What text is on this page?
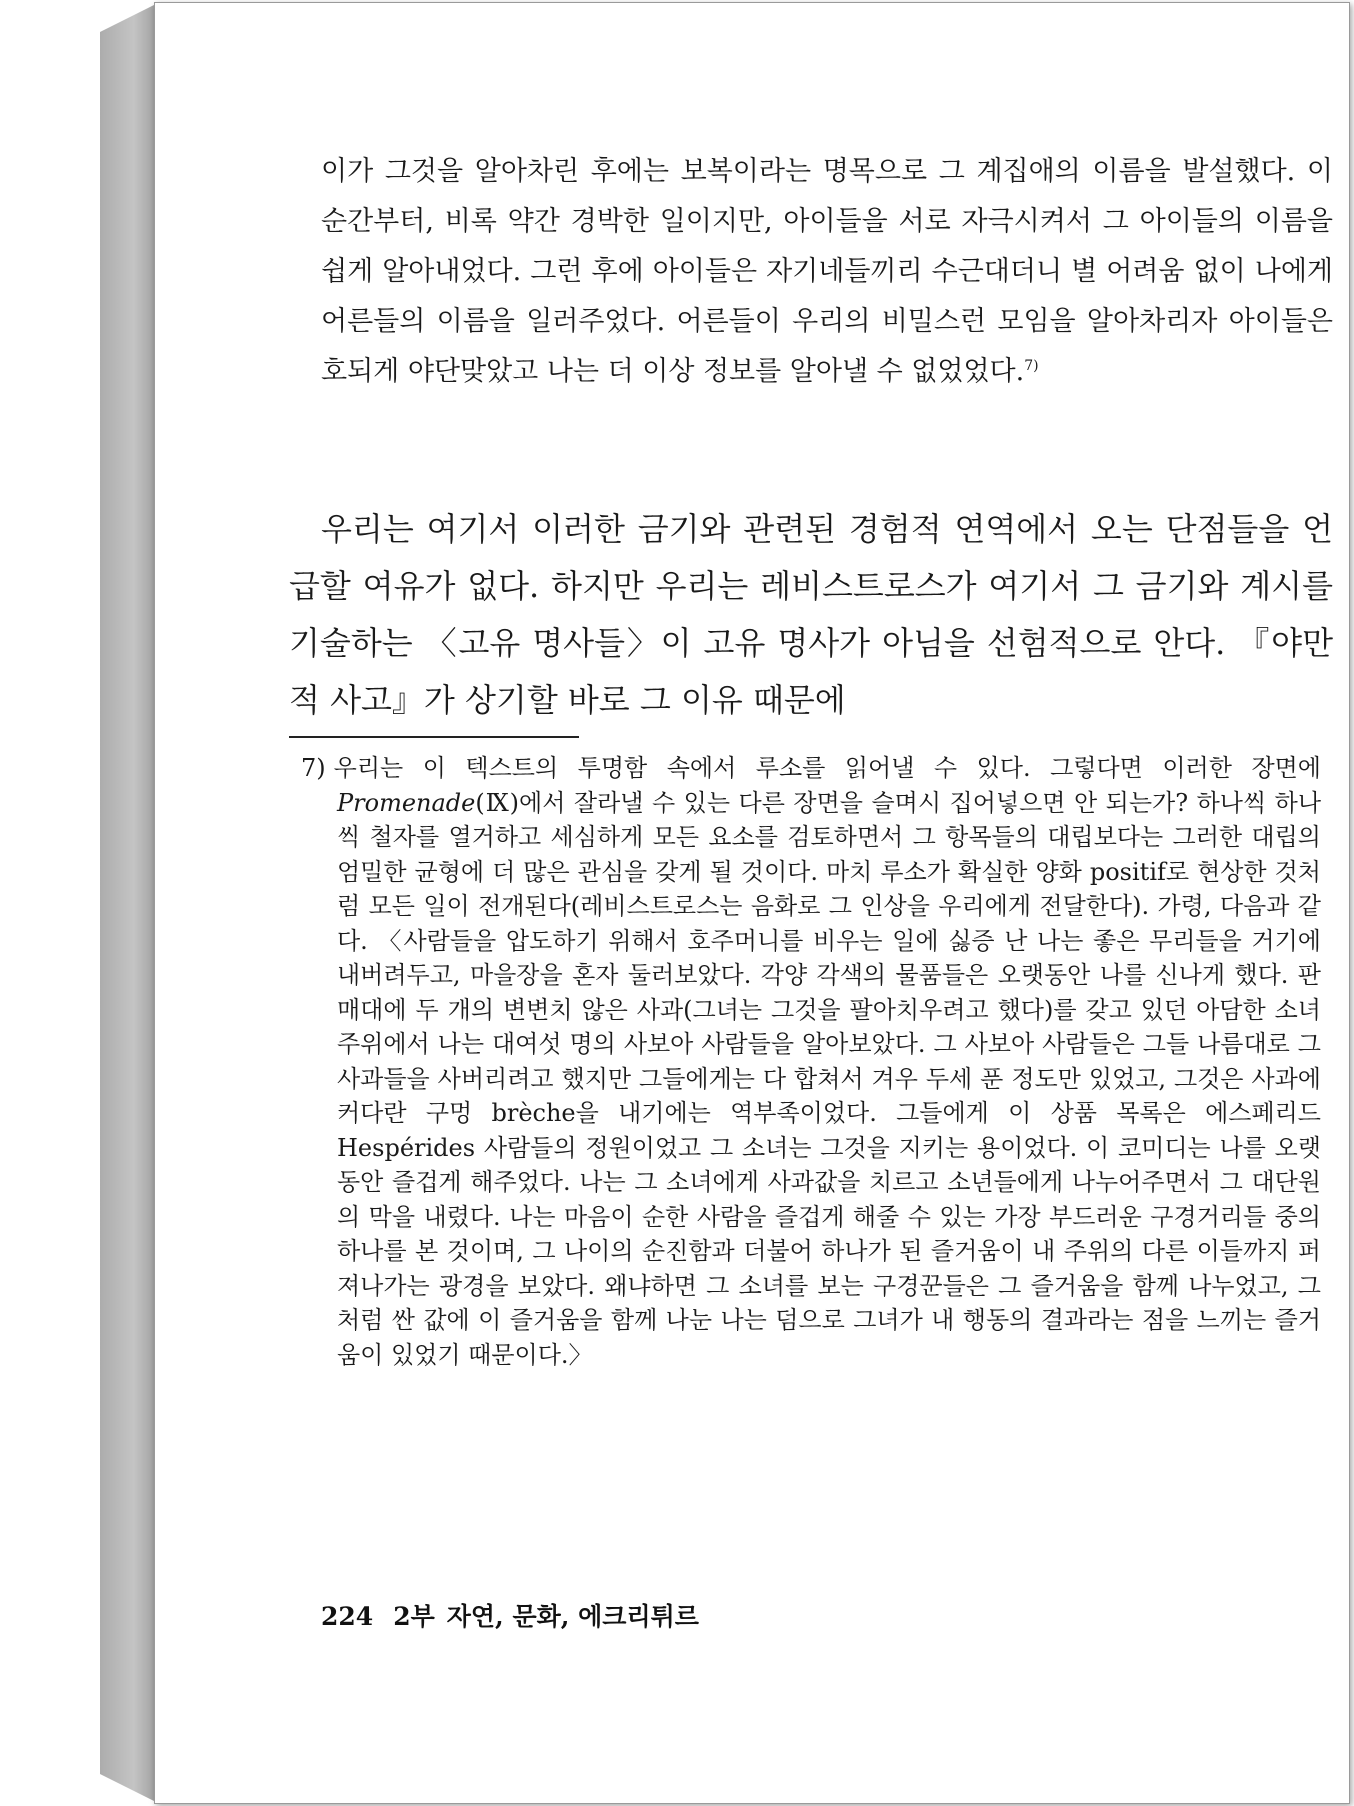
이가 그것을 알아차린 후에는 보복이라는 명목으로 그 계집애의 이름을 발설했다. 이 순간부터, 비록 약간 경박한 일이지만, 아이들을 서로 자극시켜서 그 아이들의 이름을 쉽게 알아내었다. 그런 후에 아이들은 자기네들끼리 수근대더니 별 어려움 없이 나에게 어른들의 이름을 일러주었다. 어른들이 우리의 비밀스런 모임을 알아차리자 아이들은 호되게 야단맞았고 나는 더 이상 정보를 알아낼 수 없었었다.$^{7)}$

우리는 여기서 이러한 금기와 관련된 경험적 연역에서 오는 단점들을 언급할 여유가 없다. 하지만 우리는 레비스트로스가 여기서 그 금기와 계시를 기술하는 〈고유 명사들〉이 고유 명사가 아님을 선험적으로 안다. 『야만적 사고』가 상기할 바로 그 이유 때문에

7) 우리는 이 텍스트의 투명함 속에서 루소를 읽어낼 수 있다. 그렇다면 이러한 장면에 Promenade(Ⅸ)에서 잘라낼 수 있는 다른 장면을 슬며시 집어넣으면 안 되는가? 하나씩 하나씩 철자를 열거하고 세심하게 모든 요소를 검토하면서 그 항목들의 대립보다는 그러한 대립의 엄밀한 균형에 더 많은 관심을 갖게 될 것이다. 마치 루소가 확실한 양화 positif로 현상한 것처럼 모든 일이 전개된다(레비스트로스는 음화로 그 인상을 우리에게 전달한다). 가령, 다음과 같다. 〈사람들을 압도하기 위해서 호주머니를 비우는 일에 싫증 난 나는 좋은 무리들을 거기에 내버려두고, 마을장을 혼자 둘러보았다. 각양 각색의 물품들은 오랫동안 나를 신나게 했다. 판매대에 두 개의 변변치 않은 사과(그녀는 그것을 팔아치우려고 했다)를 갖고 있던 아담한 소녀 주위에서 나는 대여섯 명의 사보아 사람들을 알아보았다. 그 사보아 사람들은 그들 나름대로 그 사과들을 사버리려고 했지만 그들에게는 다 합쳐서 겨우 두세 푼 정도만 있었고, 그것은 사과에 커다란 구멍 brèche을 내기에는 역부족이었다. 그들에게 이 상품 목록은 에스페리드 Hespérides 사람들의 정원이었고 그 소녀는 그것을 지키는 용이었다. 이 코미디는 나를 오랫동안 즐겁게 해주었다. 나는 그 소녀에게 사과값을 치르고 소년들에게 나누어주면서 그 대단원의 막을 내렸다. 나는 마음이 순한 사람을 즐겁게 해줄 수 있는 가장 부드러운 구경거리들 중의 하나를 본 것이며, 그 나이의 순진함과 더불어 하나가 된 즐거움이 내 주위의 다른 이들까지 퍼져나가는 광경을 보았다. 왜냐하면 그 소녀를 보는 구경꾼들은 그 즐거움을 함께 나누었고, 그처럼 싼 값에 이 즐거움을 함께 나눈 나는 덤으로 그녀가 내 행동의 결과라는 점을 느끼는 즐거움이 있었기 때문이다.〉

224 2부 자연, 문화, 에크리튀르
